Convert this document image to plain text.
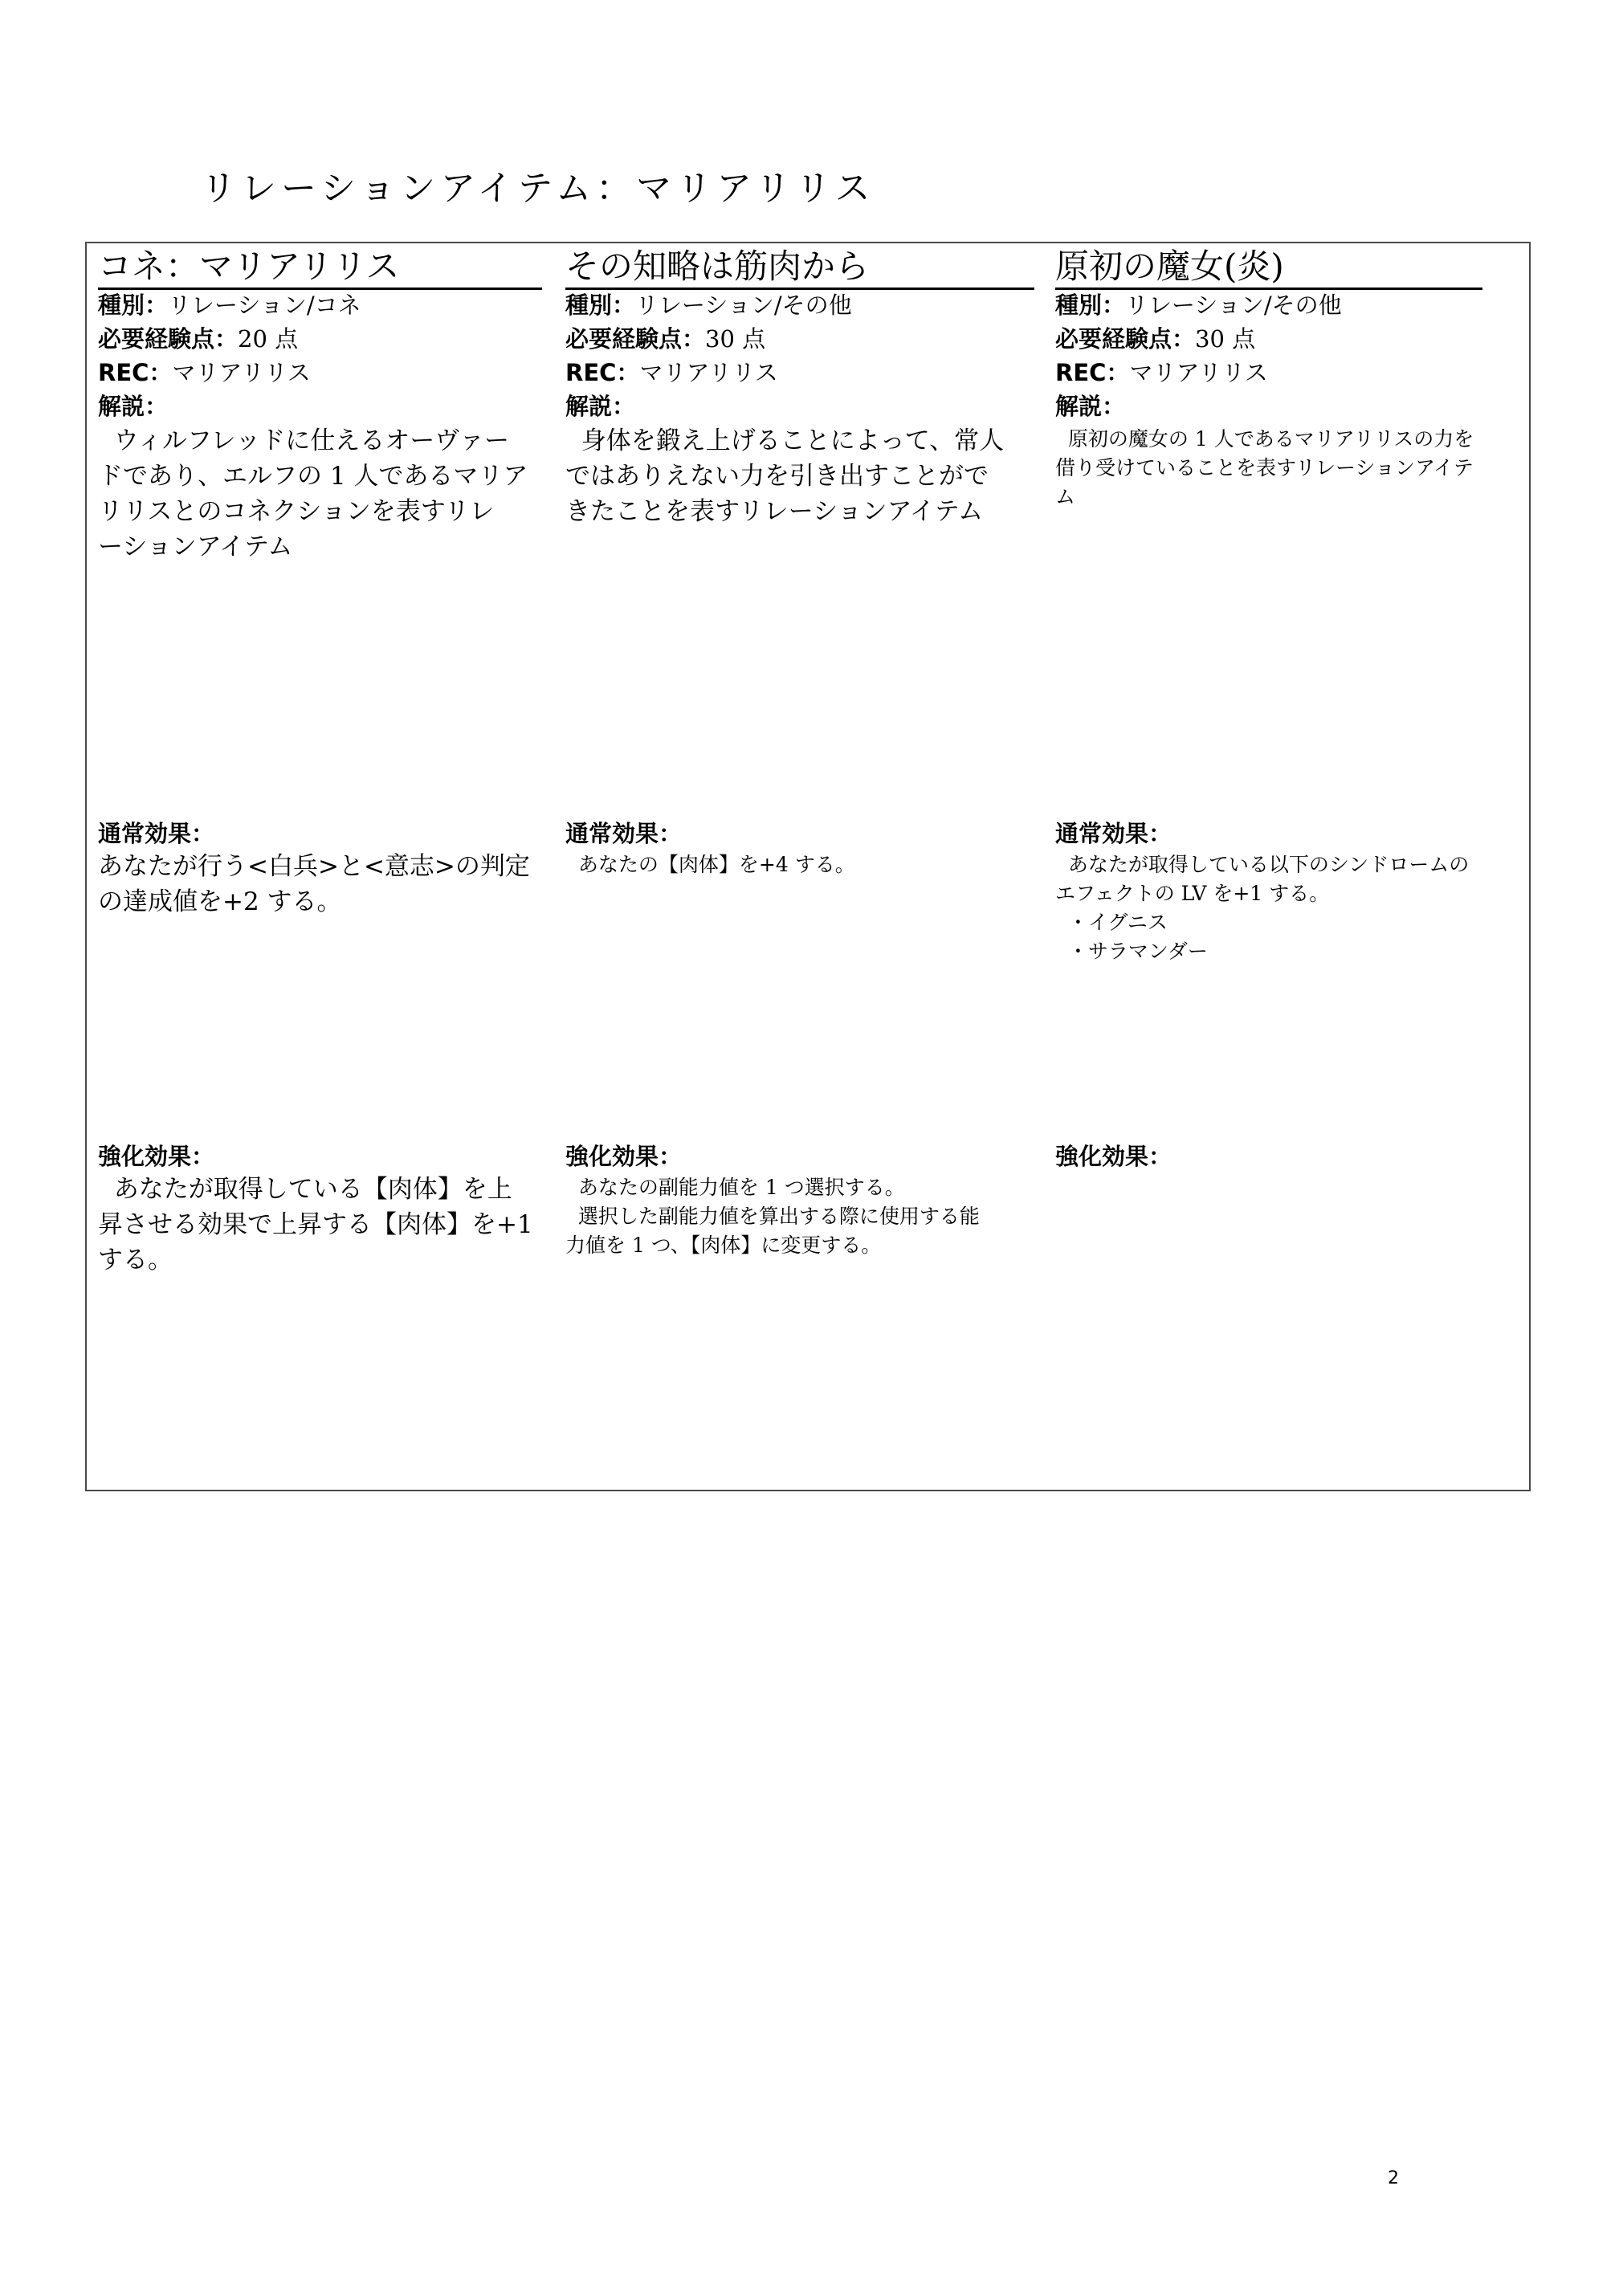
リレーションアイテム：マリアリリス
コネ：マリアリリス
種別：リレーション/コネ
必要経験点：20 点
REC：マリアリリス
解説：
ウィルフレッドに仕えるオーヴァー
ドであり、エルフの 1 人であるマリア
リリスとのコネクションを表すリレ
ーションアイテム
通常効果：
あなたが行う<白兵>と<意志>の判定
の達成値を+2 する。
強化効果：
あなたが取得している【肉体】を上
昇させる効果で上昇する【肉体】を+1
する。
その知略は筋肉から
種別：リレーション/その他
必要経験点：30 点
REC：マリアリリス
解説：
身体を鍛え上げることによって、常人
ではありえない力を引き出すことがで
きたことを表すリレーションアイテム
通常効果：
あなたの【肉体】を+4 する。
強化効果：
あなたの副能力値を 1 つ選択する。
選択した副能力値を算出する際に使用する能
力値を 1 つ、【肉体】に変更する。
原初の魔女(炎)
種別：リレーション/その他
必要経験点：30 点
REC：マリアリリス
解説：
原初の魔女の 1 人であるマリアリリスの力を
借り受けていることを表すリレーションアイテ
ム
通常効果：
あなたが取得している以下のシンドロームの
エフェクトの LV を+1 する。
・イグニス
・サラマンダー
強化効果：
2
